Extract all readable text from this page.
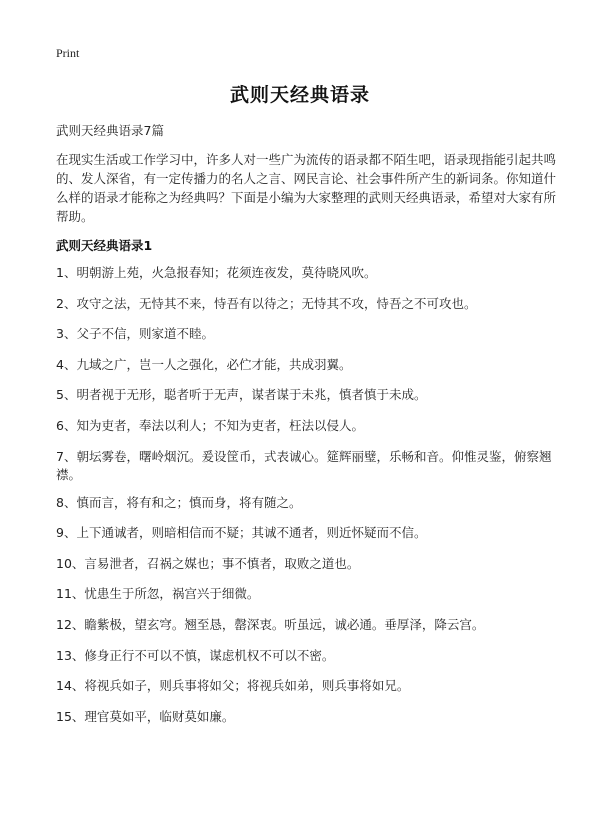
Print
武则天经典语录
武则天经典语录7篇
在现实生活或工作学习中，许多人对一些广为流传的语录都不陌生吧，语录现指能引起共鸣的、发人深省，有一定传播力的名人之言、网民言论、社会事件所产生的新词条。你知道什么样的语录才能称之为经典吗？下面是小编为大家整理的武则天经典语录，希望对大家有所帮助。
武则天经典语录1
1、明朝游上苑，火急报春知；花须连夜发，莫待晓风吹。
2、攻守之法，无恃其不来，恃吾有以待之；无恃其不攻，恃吾之不可攻也。
3、父子不信，则家道不睦。
4、九域之广，岂一人之强化，必伫才能，共成羽翼。
5、明者视于无形，聪者听于无声，谋者谋于未兆，慎者慎于未成。
6、知为吏者，奉法以利人；不知为吏者，枉法以侵人。
7、朝坛雾卷，曙岭烟沉。爰设筐币，式表诚心。筵辉丽璧，乐畅和音。仰惟灵鉴，俯察翘襟。
8、慎而言，将有和之；慎而身，将有随之。
9、上下通诚者，则暗相信而不疑；其诚不通者，则近怀疑而不信。
10、言易泄者，召祸之媒也；事不慎者，取败之道也。
11、忧患生于所忽，祸宫兴于细微。
12、瞻紫极，望玄穹。翘至恳，罄深衷。听虽远，诚必通。垂厚泽，降云宫。
13、修身正行不可以不慎，谋虑机权不可以不密。
14、将视兵如子，则兵事将如父；将视兵如弟，则兵事将如兄。
15、理官莫如平，临财莫如廉。
